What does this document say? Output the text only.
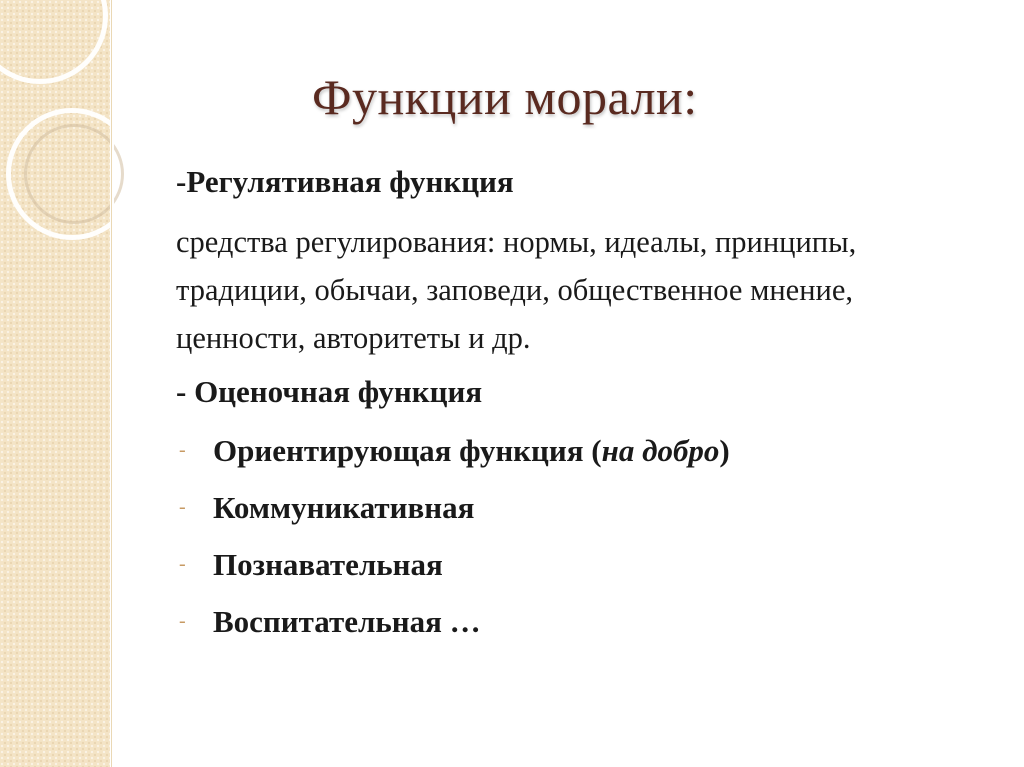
Функции морали:
-Регулятивная функция
средства регулирования: нормы, идеалы, принципы, традиции, обычаи, заповеди, общественное мнение, ценности, авторитеты и др.
- Оценочная функция
- Ориентирующая функция (на добро)
- Коммуникативная
- Познавательная
- Воспитательная …
